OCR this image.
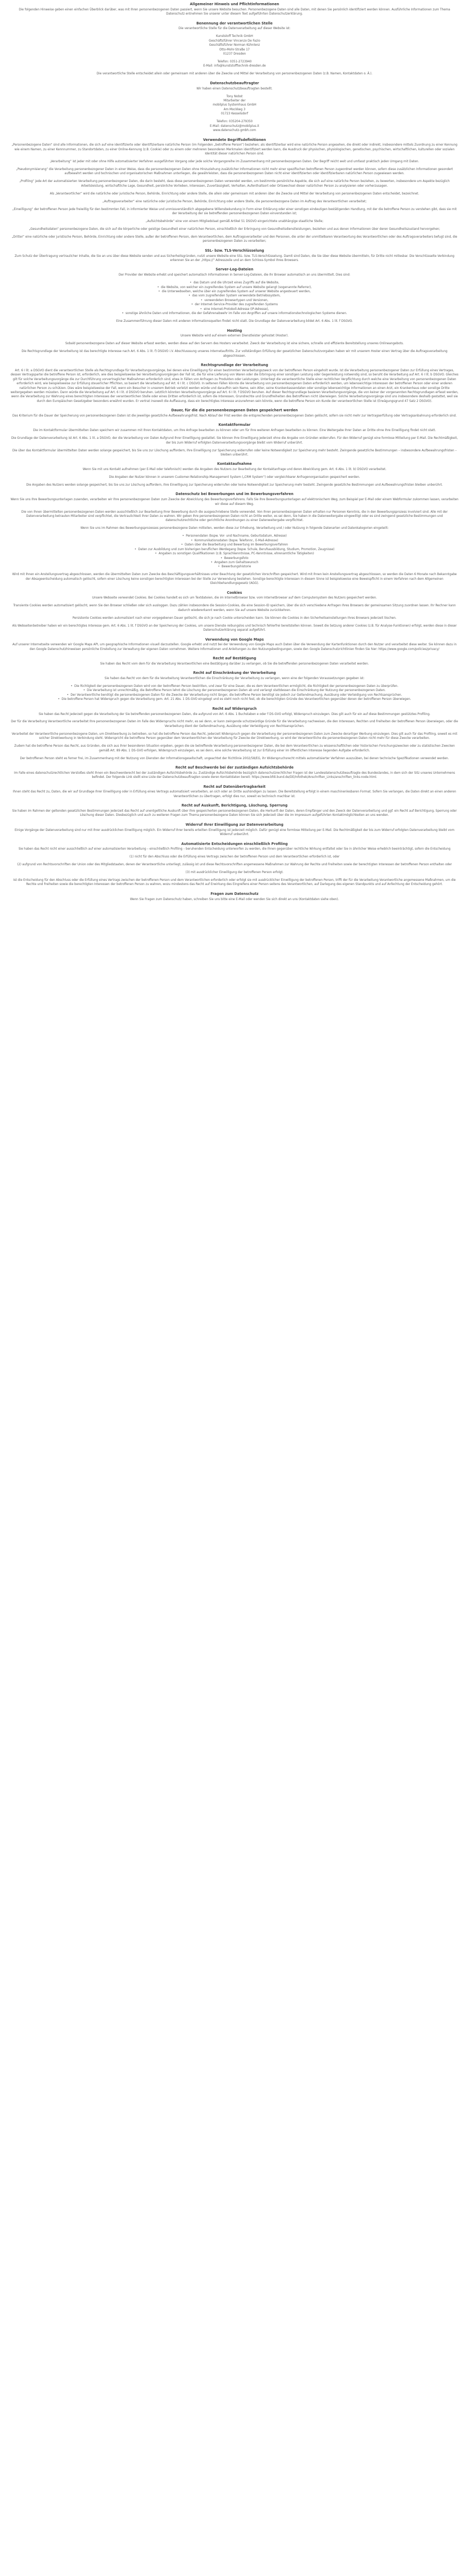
Allgemeiner Hinweis und Pflichtinformationen

Die folgenden Hinweise geben einen einfachen Überblick darüber, was mit Ihren personenbezogenen Daten passiert, wenn Sie unsere Website besuchen. Personenbezogene Daten sind alle Daten, mit denen Sie persönlich identifiziert werden können. Ausführliche Informationen zum Thema Datenschutz entnehmen Sie unserer unter diesem Text aufgeführten Datenschutzerklärung.

Benennung der verantwortlichen Stelle

Die verantwortliche Stelle für die Datenverarbeitung auf dieser Website ist:

Kunststoff Technik GmbH
Geschäftsführer Vincenzo De Fazio
Geschäftsführer Norman Kühnlenz
Otto-Mohr-Straße 17
01237 Dresden

Telefon: 0351-2723940
E-Mail: info@kunststofftechnik-dresden.de

Die verantwortliche Stelle entscheidet allein oder gemeinsam mit anderen über die Zwecke und Mittel der Verarbeitung von personenbezogenen Daten (z.B. Namen, Kontaktdaten o. Ä.).

Datenschutzbeauftragter

Wir haben einen Datenschutzbeauftragten bestellt.

Tony Nobst
Mitarbeiter der
mobilplus Systemhaus GmbH
Am Mockkeg 3
01723 Kesselsdorf

Telefon: 035204-279350
E-Mail: datenschutz@mobilplus.it
www.datenschutz-gmbh.com

Verwendete Begriffsdefinitionen

„Personenbezogene Daten“ sind alle Informationen, die sich auf eine identifizierte oder identifizierbare natürliche Person (im Folgenden „betroffene Person“) beziehen; als identifizierbar wird eine natürliche Person angesehen, die direkt oder indirekt, insbesondere mittels Zuordnung zu einer Kennung wie einem Namen, zu einer Kennnummer, zu Standortdaten, zu einer Online-Kennung (z.B. Cookie) oder zu einem oder mehreren besonderen Merkmalen identifiziert werden kann, die Ausdruck der physischen, physiologischen, genetischen, psychischen, wirtschaftlichen, kulturellen oder sozialen Identität dieser natürlichen Person sind.

„Verarbeitung“ ist jeder mit oder ohne Hilfe automatisierter Verfahren ausgeführten Vorgang oder jede solche Vorgangsreihe im Zusammenhang mit personenbezogenen Daten. Der Begriff reicht weit und umfasst praktisch jeden Umgang mit Daten.

„Pseudonymisierung“ die Verarbeitung personenbezogener Daten in einer Weise, dass die personenbezogenen Daten ohne Hinzuziehung zusätzlicher Informationen nicht mehr einer spezifischen betroffenen Person zugeordnet werden können, sofern diese zusätzlichen Informationen gesondert aufbewahrt werden und technischen und organisatorischen Maßnahmen unterliegen, die gewährleisten, dass die personenbezogenen Daten nicht einer identifizierten oder identifizierbaren natürlichen Person zugewiesen werden.

„Profiling“ jede Art der automatisierten Verarbeitung personenbezogener Daten, die darin besteht, dass diese personenbezogenen Daten verwendet werden, um bestimmte persönliche Aspekte, die sich auf eine natürliche Person beziehen, zu bewerten, insbesondere um Aspekte bezüglich Arbeitsleistung, wirtschaftliche Lage, Gesundheit, persönliche Vorlieben, Interessen, Zuverlässigkeit, Verhalten, Aufenthaltsort oder Ortswechsel dieser natürlichen Person zu analysieren oder vorherzusagen.

Als „Verantwortlicher“ wird die natürliche oder juristische Person, Behörde, Einrichtung oder andere Stelle, die allein oder gemeinsam mit anderen über die Zwecke und Mittel der Verarbeitung von personenbezogenen Daten entscheidet, bezeichnet.

„Auftragsverarbeiter“ eine natürliche oder juristische Person, Behörde, Einrichtung oder andere Stelle, die personenbezogene Daten im Auftrag des Verantwortlichen verarbeitet;

„Einwilligung“ der betroffenen Person jede freiwillig für den bestimmten Fall, in informierter Weise und unmissverständlich abgegebene Willensbekundung in Form einer Erklärung oder einer sonstigen eindeutigen bestätigenden Handlung, mit der die betroffene Person zu verstehen gibt, dass sie mit der Verarbeitung der sie betreffenden personenbezogenen Daten einverstanden ist;

„Aufsichtsbehörde“ eine von einem Mitgliedstaat gemäß Artikel 51 DSGVO eingerichtete unabhängige staatliche Stelle;

„Gesundheitsdaten“ personenbezogene Daten, die sich auf die körperliche oder geistige Gesundheit einer natürlichen Person, einschließlich der Erbringung von Gesundheitsdienstleistungen, beziehen und aus denen Informationen über deren Gesundheitszustand hervorgehen;

„Dritter“ eine natürliche oder juristische Person, Behörde, Einrichtung oder andere Stelle, außer der betroffenen Person, dem Verantwortlichen, dem Auftragsverarbeiter und den Personen, die unter der unmittelbaren Verantwortung des Verantwortlichen oder des Auftragsverarbeiters befugt sind, die personenbezogenen Daten zu verarbeiten;

SSL- bzw. TLS-Verschlüsselung

Zum Schutz der Übertragung vertraulicher Inhalte, die Sie an uns über diese Website senden und aus Sicherheitsgründen, nutzt unsere Website eine SSL- bzw. TLS-Verschlüsselung. Damit sind Daten, die Sie über diese Website übermitteln, für Dritte nicht mitlesbar. Die Verschlüsselte Verbindung erkennen Sie an der „https://“ Adresszeile und an dem Schloss-Symbol Ihres Browsers.

Server-Log-Dateien

Der Provider der Website erhebt und speichert automatisch Informationen in Server-Log-Dateien, die Ihr Browser automatisch an uns übermittelt. Dies sind:

•  das Datum und die Uhrzeit eines Zugriffs auf die Website,
•  die Website, von welcher ein zugreifendes System auf unsere Website gelangt (sogenannte Referrer),
•  die Unterwebseiten, welche über ein zugreifendes System auf unserer Website angesteuert werden,
•  das vom zugreifenden System verwendete Betriebssystem,
•  verwendeten Browsertypen und Versionen,
•  der Internet-Service-Provider des zugreifenden Systems
•  eine Internet-Protokoll-Adresse (IP-Adresse),
•  sonstige ähnliche Daten und Informationen, die der Gefahrenabwehr im Falle von Angriffen auf unsere informationstechnologischen Systeme dienen.

Eine Zusammenführung dieser Daten mit anderen Informationsquellen findet nicht statt. Die Grundlage der Datenverarbeitung bildet Art. 6 Abs. 1 lit. f DSGVO.

Hosting

Unsere Website wird auf einem externen Dienstleister gehostet (Hoster).

Sobald personenbezogene Daten auf dieser Website erfasst werden, werden diese auf den Servern des Hosters verarbeitet. Zweck der Verarbeitung ist eine sichere, schnelle und effiziente Bereitstellung unseres Onlineangebots.

Die Rechtsgrundlage der Verarbeitung ist das berechtigte Interesse nach Art. 6 Abs. 1 lit. f) DSGVO i.V. Abschlusssung unseres Internetauftritts. Zur vollständigen Erfüllung der gesetzlichen Datenschutzvorgaben haben wir mit unserem Hoster einen Vertrag über die Auftragsverarbeitung abgeschlossen.

Rechtsgrundlage der Verarbeitung

Art. 6 I lit. a DSGVO dient die verantwortlichen Stelle als Rechtsgrundlage für Verarbeitungsvorgänge, bei denen eine Einwilligung für einen bestimmten Verarbeitungszweck von der betroffenen Person eingeholt wurde. Ist die Verarbeitung personenbezogener Daten zur Erfüllung eines Vertrages, dessen Vertragspartei die betroffene Person ist, erforderlich, wie dies beispielsweise bei Verarbeitungsvorgängen der Fall ist, die für eine Lieferung von Waren oder die Erbringung einer sonstigen Leistung oder Gegenleistung notwendig sind, so beruht die Verarbeitung auf Art. 6 I lit. b DSGVO. Gleiches gilt für solche Verarbeitungsvorgänge die zur Durchführung vorvertraglicher Maßnahmen erforderlich sind, etwa in Fällen von Anfragen zu Produkten oder Leistungen. Unterliegt die verantwortliche Stelle einer rechtlichen Verpflichtung durch welche eine Verarbeitung von personenbezogenen Daten erforderlich wird, wie beispielsweise zur Erfüllung steuerlicher Pflichten, so basiert die Verarbeitung auf Art. 6 I lit. c DSGVO. In seltenen Fällen könnte die Verarbeitung von personenbezogenen Daten erforderlich werden, um lebenswichtige Interessen der betroffenen Person oder einer anderen natürlichen Person zu schützen. Dies wäre beispielsweise der Fall, wenn ein Besucher in unserem Betrieb verletzt werden würde und daraufhin sein Name, sein Alter, seine Krankenkassendaten oder sonstige lebenswichtige Informationen an einen Arzt, ein Krankenhaus oder sonstige Dritte weitergegeben werden müssten. Dann würde die Verarbeitung auf Art. 6 I lit. d DSGVO beruhen. Letztlich könnten Verarbeitungsvorgänge auf Art. 6 I lit. f DSGVO beruhen. Auf dieser Rechtsgrundlage basieren Verarbeitungsvorgänge, die von keiner der vorgenannten Rechtsgrundlagen erfasst werden, wenn die Verarbeitung zur Wahrung eines berechtigten Interesses der verantwortlichen Stelle oder eines Dritten erforderlich ist, sofern die Interessen, Grundrechte und Grundfreiheiten des Betroffenen nicht überwiegen. Solche Verarbeitungsvorgänge sind uns insbesondere deshalb gestattet, weil sie durch den Europäischen Gesetzgeber besonders erwähnt wurden. Er vertrat insoweit die Auffassung, dass ein berechtigtes Interesse anzunehmen sein könnte, wenn die betroffene Person ein Kunde der verantwortlichen Stelle ist (Erwägungsgrund 47 Satz 2 DSGVO).

Dauer, für die die personenbezogenen Daten gespeichert werden

Das Kriterium für die Dauer der Speicherung von personenbezogenen Daten ist die jeweilige gesetzliche Aufbewahrungsfrist. Nach Ablauf der Frist werden die entsprechenden personenbezogenen Daten gelöscht, sofern sie nicht mehr zur Vertragserfüllung oder Vertragsanbahnung erforderlich sind.

Kontaktformular

Die im Kontaktformular übermittelten Daten speichern wir zusammen mit Ihren Kontaktdaten, um Ihre Anfrage bearbeiten zu können oder um für Ihre weiteren Anfragen bearbeiten zu können. Eine Weitergabe Ihrer Daten an Dritte ohne Ihre Einwilligung findet nicht statt.

Die Grundlage der Datenverarbeitung ist Art. 6 Abs. 1 lit. a DSGVO, der die Verarbeitung von Daten Aufgrund Ihrer Einwilligung gestattet. Sie können Ihre Einwilligung jederzeit ohne die Angabe von Gründen widerrufen. Für den Widerruf genügt eine formlose Mitteilung per E-Mail. Die Rechtmäßigkeit, der bis zum Widerruf erfolgten Datenverarbeitungsvorgänge bleibt vom Widerruf unberührt.

Die über das Kontaktformular übermittelten Daten werden solange gespeichert, bis Sie uns zur Löschung auffordern, Ihre Einwilligung zur Speicherung widerrufen oder keine Notwendigkeit zur Speicherung mehr besteht. Zwingende gesetzliche Bestimmungen – insbesondere Aufbewahrungsfristen – bleiben unberührt.

Kontaktaufnahme

Wenn Sie mit uns Kontakt aufnehmen (per E-Mail oder telefonisch) werden die Angaben des Nutzers zur Bearbeitung der Kontaktanfrage und deren Abwicklung gem. Art. 6 Abs. 1 lit. b) DSGVO verarbeitet.

Die Angaben der Nutzer können in unserem Customer-Relationship-Management System („CRM System“) oder vergleichbarer Anfragenorganisation gespeichert werden.

Die Angaben des Nutzers werden solange gespeichert, bis Sie uns zur Löschung auffordern, Ihre Einwilligung zur Speicherung widerrufen oder keine Notwendigkeit zur Speicherung mehr besteht. Zwingende gesetzliche Bestimmungen und Aufbewahrungsfristen bleiben unberührt.

Datenschutz bei Bewerbungen und im Bewerbungsverfahren

Wenn Sie uns Ihre Bewerbungsunterlagen zusenden, verarbeiten wir Ihre personenbezogenen Daten zum Zwecke der Abwicklung des Bewerbungsverfahrens. Falls Sie Ihre Bewerbungsunterlagen auf elektronischem Weg, zum Beispiel per E-Mail oder einem Webformular zukommen lassen, verarbeiten wir diese auf diesem Weg.

Die von Ihnen übermittelten personenbezogenen Daten werden ausschließlich zur Bearbeitung Ihrer Bewerbung durch die ausgeschriebene Stelle verwendet. Von Ihren personenbezogenen Daten erhalten nur Personen Kenntnis, die in den Bewerbungsprozess involviert sind. Alle mit der Datenverarbeitung betrauten Mitarbeiter sind verpflichtet, die Vertraulichkeit Ihrer Daten zu wahren. Wir geben Ihre personenbezogenen Daten nicht an Dritte weiter, es sei denn, Sie haben in die Datenweitergabe eingewilligt oder es sind zwingend gesetzliche Bestimmungen und datenschutzrechtliche oder gerichtliche Anordnungen zu einer Datenweitergabe verpflichtet.

Wenn Sie uns im Rahmen des Bewerbungsprozesses personenbezogene Daten mitteilen, werden diese zur Erhebung, Verarbeitung und / oder Nutzung in folgende Datenarten und Datenkategorien eingeteilt:

•  Personendaten (bspw. Vor- und Nachname, Geburtsdatum, Adresse)
•  Kommunikationsdaten (bspw. Telefonnr., E-Mail-Adresse)
•  Daten über die Bearbeitung und Bewertung im Bewerbungsverfahren
•  Daten zur Ausbildung und zum bisherigen beruflichen Werdegang (bspw. Schule, Berufsausbildung, Studium, Promotion, Zeugnisse)
•  Angaben zu sonstigen Qualifikationen (z.B. Sprachkenntnisse, PC-Kenntnisse, ehrenamtliche Tätigkeiten)
•  Bewerbungsfoto
•  Angaben zum Gehaltswunsch
•  Bewerbungshistorie

Wird mit Ihnen ein Anstellungsvertrag abgeschlossen, werden die übermittelten Daten zum Zwecke des Beschäftigungsverhältnisses unter Beachtung der gesetzlichen Vorschriften gespeichert. Wird mit Ihnen kein Anstellungsvertrag abgeschlossen, so werden die Daten 6 Monate nach Bekanntgabe der Absageentscheidung automatisch gelöscht, sofern einer Löschung keine sonstigen berechtigten Interessen bei der Stelle zur Verwendung bestehen. Sonstige berechtigte Interessen in diesem Sinne ist beispielsweise eine Beweispflicht in einem Verfahren nach dem Allgemeinen Gleichbehandlungsgesetz (AGG).

Cookies

Unsere Webseite verwendet Cookies. Bei Cookies handelt es sich um Textdateien, die im Internetbrowser bzw. vom Internetbrowser auf dem Computersystem des Nutzers gespeichert werden.

Transiente Cookies werden automatisiert gelöscht, wenn Sie den Browser schließen oder sich ausloggen. Dazu zählen insbesondere die Session-Cookies, die eine Session-ID speichern, über die sich verschiedene Anfragen Ihres Browsers der gemeinsamen Sitzung zuordnen lassen. Ihr Rechner kann dadurch wiedererkannt werden, wenn Sie auf unsere Website zurückkehren.

Persistente Cookies werden automatisiert nach einer vorgegebenen Dauer gelöscht, die sich je nach Cookie unterscheiden kann. Sie können die Cookies in den Sicherheitseinstellungen Ihres Browsers jederzeit löschen.

Als Webseitenbetreiber haben wir ein berechtigtes Interesse gem. Art. 6 Abs. 1 lit. f DSGVO an der Speicherung der Cookies, um unsere Dienste reibungslos und technisch fehlerfrei bereitstellen können. Soweit die Setzung anderer Cookies (z.B. für Analyse-Funktionen) erfolgt, werden diese in dieser Datenschutzerklärung separat aufgeführt.

Verwendung von Google Maps

Auf unserer Internetseite verwenden wir Google Maps API, um geographische Informationen visuell darzustellen. Google erhebt und nutzt bei der Verwendung von Google Maps auch Daten über die Verwendung der Kartenfunktionen durch den Nutzer und verarbeitet diese weiter. Sie können dazu in den Google Datenschutzhinweisen persönliche Einstellung zur Verwaltung der eigenen Daten vornehmen. Weitere Informationen und Anleitungen zu den Nutzungsbedingungen, sowie den Google Datenschutzrichtlinien finden Sie hier: https://www.google.com/policies/privacy/

Recht auf Bestätigung

Sie haben das Recht vom dem für die Verarbeitung Verantwortlichen eine Bestätigung darüber zu verlangen, ob Sie die betreffenden personenbezogenen Daten verarbeitet werden.

Recht auf Einschränkung der Verarbeitung

Sie haben das Recht von dem für die Verarbeitung Verantwortlichen die Einschränkung der Verarbeitung zu verlangen, wenn eine der folgenden Voraussetzungen gegeben ist:

•  Die Richtigkeit der personenbezogenen Daten wird von der betroffenen Person bestritten, und zwar für eine Dauer, die es dem Verantwortlichen ermöglicht, die Richtigkeit der personenbezogenen Daten zu überprüfen.
•  Die Verarbeitung ist unrechtmäßig, die Betroffene Person lehnt die Löschung der personenbezogenen Daten ab und verlangt stattdessen die Einschränkung der Nutzung der personenbezogenen Daten.
•  Der Verantwortliche benötigt die personenbezogenen Daten für die Zwecke der Verarbeitung nicht länger, die betroffene Person benötigt sie jedoch zur Geltendmachung, Ausübung oder Verteidigung von Rechtsansprüchen.
•  Die betroffene Person hat Widerspruch gegen die Verarbeitung gem. Art. 21 Abs. 1 DS-GVO eingelegt und es steht noch nicht fest, ob die berechtigten Gründe des Verantwortlichen gegenüber denen der betroffenen Person überwiegen.
Recht auf Widerspruch

Sie haben das Recht jederzeit gegen die Verarbeitung der Sie betreffenden personenbezogenen Daten, die aufgrund von Art. 6 Abs. 1 Buchstaben e oder f DS-GVO erfolgt, Widerspruch einzulegen. Dies gilt auch für ein auf diese Bestimmungen gestütztes Profiling.

Der für die Verarbeitung Verantwortliche verarbeitet Ihre personenbezogenen Daten im Falle des Widerspruchs nicht mehr, es sei denn, er kann zwingende schutzwürdige Gründe für die Verarbeitung nachweisen, die den Interessen, Rechten und Freiheiten der betroffenen Person überwiegen, oder die Verarbeitung dient der Geltendmachung, Ausübung oder Verteidigung von Rechtsansprüchen.

Verarbeitet der Verantwortliche personenbezogene Daten, um Direktwerbung zu betreiben, so hat die betroffene Person das Recht, jederzeit Widerspruch gegen die Verarbeitung der personenbezogenen Daten zum Zwecke derartiger Werbung einzulegen. Dies gilt auch für das Profiling, soweit es mit solcher Direktwerbung in Verbindung steht. Widerspricht die betroffene Person gegenüber dem Verantwortlichen der Verarbeitung für Zwecke der Direktwerbung, so wird der Verantwortliche die personenbezogenen Daten nicht mehr für diese Zwecke verarbeiten.

Zudem hat die betroffene Person das Recht, aus Gründen, die sich aus ihrer besonderen Situation ergeben, gegen die sie betreffende Verarbeitung personenbezogener Daten, die bei dem Verantwortlichen zu wissenschaftlichen oder historischen Forschungszwecken oder zu statistischen Zwecken gemäß Art. 89 Abs. 1 DS-GVO erfolgen, Widerspruch einzulegen, es sei denn, eine solche Verarbeitung ist zur Erfüllung einer im öffentlichen Interesse liegenden Aufgabe erforderlich.

Der betroffenen Person steht es ferner frei, im Zusammenhang mit der Nutzung von Diensten der Informationsgesellschaft, ungeachtet der Richtlinie 2002/58/EG, ihr Widerspruchsrecht mittels automatisierter Verfahren auszuüben, bei denen technische Spezifikationen verwendet werden.

Recht auf Beschwerde bei der zuständigen Aufsichtsbehörde

Im Falle eines datenschutzrechtlichen Verstoßes steht Ihnen ein Beschwerderecht bei der zuständigen Aufsichtsbehörde zu. Zuständige Aufsichtsbehörde bezüglich datenschutzrechtlicher Fragen ist der Landesdatenschutzbeauftragte des Bundeslandes, in dem sich der Sitz unseres Unternehmens befindet. Der folgende Link stellt eine Liste der Datenschutzbeauftragten sowie deren Kontaktdaten bereit: https://www.bfdi.bund.de/DE/Infothek/Anschriften_Links/anschriften_links-node.html.

Recht auf Datenübertragbarkeit

Ihnen steht das Recht zu, Daten, die wir auf Grundlage Ihrer Einwilligung oder in Erfüllung eines Vertrags automatisiert verarbeiten, an sich oder an Dritte aushändigen zu lassen. Die Bereitstellung erfolgt in einem maschinenlesbaren Format. Sofern Sie verlangen, die Daten direkt an einen anderen Verantwortlichen zu übertragen, erfolgt dies nur, soweit es technisch machbar ist.

Recht auf Auskunft, Berichtigung, Löschung, Sperrung

Sie haben im Rahmen der geltenden gesetzlichen Bestimmungen jederzeit das Recht auf unentgeltliche Auskunft über Ihre gespeicherten personenbezogenen Daten, die Herkunft der Daten, deren Empfänger und den Zweck der Datenverarbeitung und ggf. ein Recht auf Berichtigung, Sperrung oder Löschung dieser Daten. Diesbezüglich und auch zu weiteren Fragen zum Thema personenbezogene Daten können Sie sich jederzeit über die im Impressum aufgeführten Kontaktmöglichkeiten an uns wenden.

Widerruf Ihrer Einwilligung zur Datenverarbeitung

Einige Vorgänge der Datenverarbeitung sind nur mit Ihrer ausdrücklichen Einwilligung möglich. Ein Widerruf Ihrer bereits erteilten Einwilligung ist jederzeit möglich. Dafür genügt eine formlose Mitteilung per E-Mail. Die Rechtmäßigkeit der bis zum Widerruf erfolgten Datenverarbeitung bleibt vom Widerruf unberührt.

Automatisierte Entscheidungen einschließlich Profiling

Sie haben das Recht nicht einer ausschließlich auf einer automatisierten Verarbeitung – einschließlich Profiling – beruhenden Entscheidung unterworfen zu werden, die Ihnen gegenüber rechtliche Wirkung entfaltet oder Sie in ähnlicher Weise erheblich beeinträchtigt, sofern die Entscheidung

(1) nicht für den Abschluss oder die Erfüllung eines Vertrags zwischen der betroffenen Person und dem Verantwortlichen erforderlich ist, oder

(2) aufgrund von Rechtsvorschriften der Union oder des Mitgliedstaaten, denen der Verantwortliche unterliegt, zulässig ist und diese Rechtsvorschriften angemessene Maßnahmen zur Wahrung der Rechte und Freiheiten sowie der berechtigten Interessen der betroffenen Person enthalten oder

(3) mit ausdrücklicher Einwilligung der betroffenen Person erfolgt.

Ist die Entscheidung für den Abschluss oder die Erfüllung eines Vertrags zwischen der betroffenen Person und dem Verantwortlichen erforderlich oder erfolgt sie mit ausdrücklicher Einwilligung der betroffenen Person, trifft der für die Verarbeitung Verantwortliche angemessene Maßnahmen, um die Rechte und Freiheiten sowie die berechtigten Interessen der betroffenen Person zu wahren, wozu mindestens das Recht auf Erwirkung des Eingreifens einer Person seitens des Verantwortlichen, auf Darlegung des eigenen Standpunkts und auf Anfechtung der Entscheidung gehört.

Fragen zum Datenschutz

Wenn Sie Fragen zum Datenschutz haben, schreiben Sie uns bitte eine E-Mail oder wenden Sie sich direkt an uns (Kontaktdaten siehe oben).
